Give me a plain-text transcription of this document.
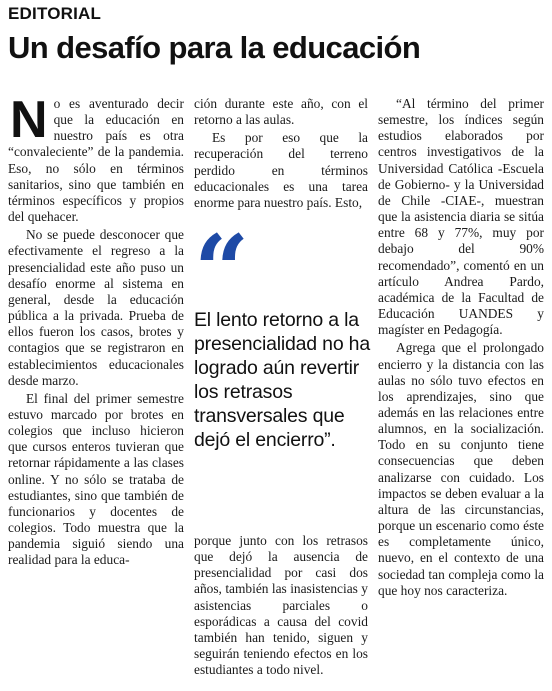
EDITORIAL
Un desafío para la educación

No es aventurado decir que la educación en nuestro país es otra “convaleciente” de la pandemia. Eso, no sólo en términos sanitarios, sino que también en términos específicos y propios del quehacer.

No se puede desconocer que efectivamente el regreso a la presencialidad este año puso un desafío enorme al sistema en general, desde la educación pública a la privada. Prueba de ellos fueron los casos, brotes y contagios que se registraron en establecimientos educacionales desde marzo.

El final del primer semestre estuvo marcado por brotes en colegios que incluso hicieron que cursos enteros tuvieran que retornar rápidamente a las clases online. Y no sólo se trataba de estudiantes, sino que también de funcionarios y docentes de colegios. Todo muestra que la pandemia siguió siendo una realidad para la educa-

ción durante este año, con el retorno a las aulas.

Es por eso que la recuperación del terreno perdido en términos educacionales es una tarea enorme para nuestro país. Esto,

“
El lento retorno a la presencialidad no ha logrado aún revertir los retrasos transversales que dejó el encierro”.

porque junto con los retrasos que dejó la ausencia de presencialidad por casi dos años, también las inasistencias y asistencias parciales o esporádicas a causa del covid también han tenido, siguen y seguirán teniendo efectos en los estudiantes a todo nivel.

“Al término del primer semestre, los índices según estudios elaborados por centros investigativos de la Universidad Católica -Escuela de Gobierno- y la Universidad de Chile -CIAE-, muestran que la asistencia diaria se sitúa entre 68 y 77%, muy por debajo del 90% recomendado”, comentó en un artículo Andrea Pardo, académica de la Facultad de Educación UANDES y magíster en Pedagogía.

Agrega que el prolongado encierro y la distancia con las aulas no sólo tuvo efectos en los aprendizajes, sino que además en las relaciones entre alumnos, en la socialización. Todo en su conjunto tiene consecuencias que deben analizarse con cuidado. Los impactos se deben evaluar a la altura de las circunstancias, porque un escenario como éste es completamente único, nuevo, en el contexto de una sociedad tan compleja como la que hoy nos caracteriza.
